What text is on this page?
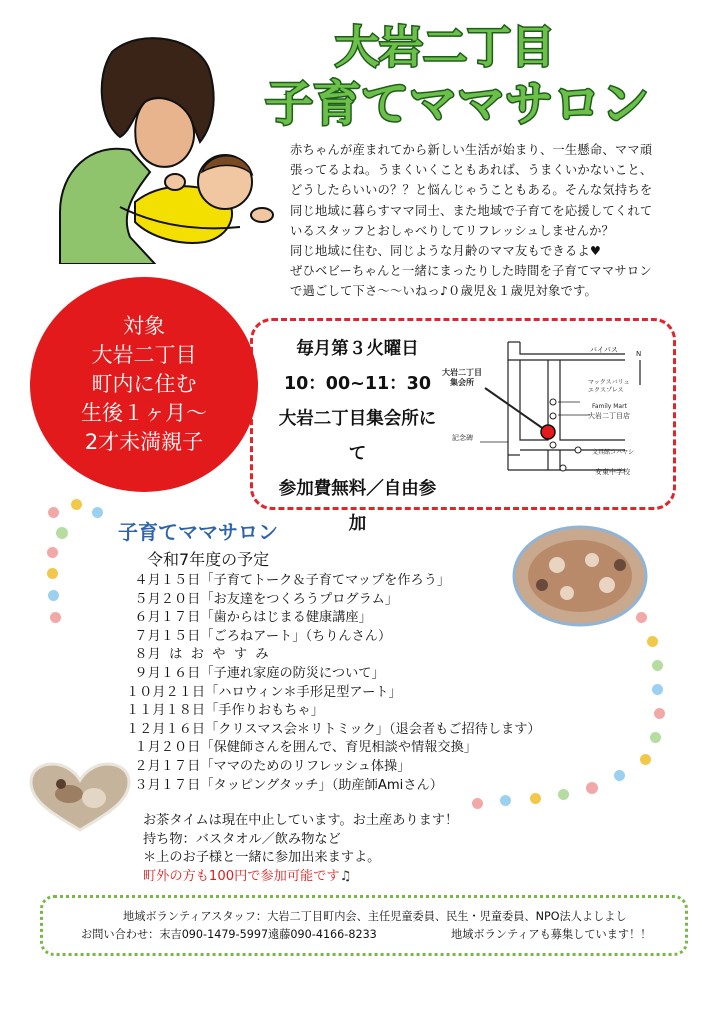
大岩二丁目
子育てママサロン
赤ちゃんが産まれてから新しい生活が始まり、一生懸命、ママ頑
張ってるよね。うまくいくこともあれば、うまくいかないこと、
どうしたらいいの？？と悩んじゃうこともある。そんな気持ちを
同じ地域に暮らすママ同士、また地域で子育てを応援してくれて
いるスタッフとおしゃべりしてリフレッシュしませんか？
同じ地域に住む、同じような月齢のママ友もできるよ♥
ぜひベビーちゃんと一緒にまったりした時間を子育てママサロン
で過ごして下さ～～いねっ♪０歳児＆１歳児対象です。
対象
大岩二丁目
町内に住む
生後１ヶ月～
2才未満親子
毎月第３火曜日
10：00~11：30
大岩二丁目集会所にて
参加費無料／自由参加
N
バイパス
大岩二丁目
集会所	マックスバリュ
エクスプレス
Family Mart
大岩二丁目店
記念碑
文具館コバヤシ
安東中学校
子育てママサロン
令和7年度の予定
４月１５日「子育てトーク＆子育てマップを作ろう」
５月２０日「お友達をつくろうプログラム」
６月１７日「歯からはじまる健康講座」
７月１５日「ごろねアート」（ちりんさん）
８月  は  お  や  す  み
９月１６日「子連れ家庭の防災について」
１０月２１日「ハロウィン＊手形足型アート」
１１月１８日「手作りおもちゃ」
１２月１６日「クリスマス会＊リトミック」（退会者もご招待します）
１月２０日「保健師さんを囲んで、育児相談や情報交換」
２月１７日「ママのためのリフレッシュ体操」
３月１７日「タッピングタッチ」（助産師Amiさん）
お茶タイムは現在中止しています。お土産あります！
持ち物：バスタオル／飲み物など
＊上のお子様と一緒に参加出来ますよ。
町外の方も100円で参加可能です♫
地域ボランティアスタッフ：大岩二丁目町内会、主任児童委員、民生・児童委員、NPO法人よしよし
お問い合わせ：末吉090-1479-5997遠藤090-4166-8233	地域ボランティアも募集しています！！
